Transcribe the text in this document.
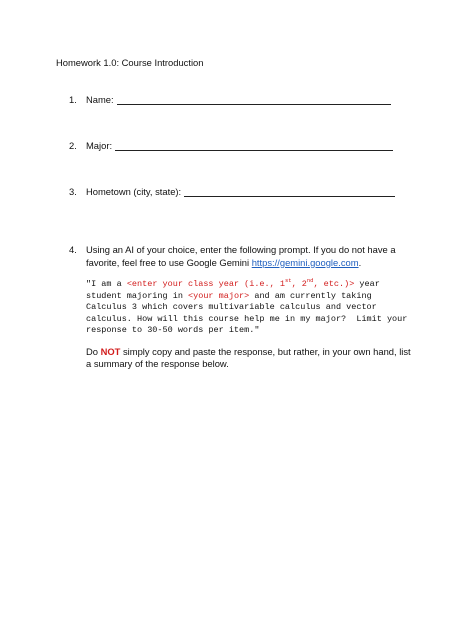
Homework 1.0: Course Introduction
1. Name:
2. Major:
3. Hometown (city, state):
4. Using an AI of your choice, enter the following prompt. If you do not have a favorite, feel free to use Google Gemini https://gemini.google.com.
"I am a <enter your class year (i.e., 1st, 2nd, etc.)> year student majoring in <your major> and am currently taking Calculus 3 which covers multivariable calculus and vector calculus. How will this course help me in my major?  Limit your response to 30-50 words per item."
Do NOT simply copy and paste the response, but rather, in your own hand, list a summary of the response below.
